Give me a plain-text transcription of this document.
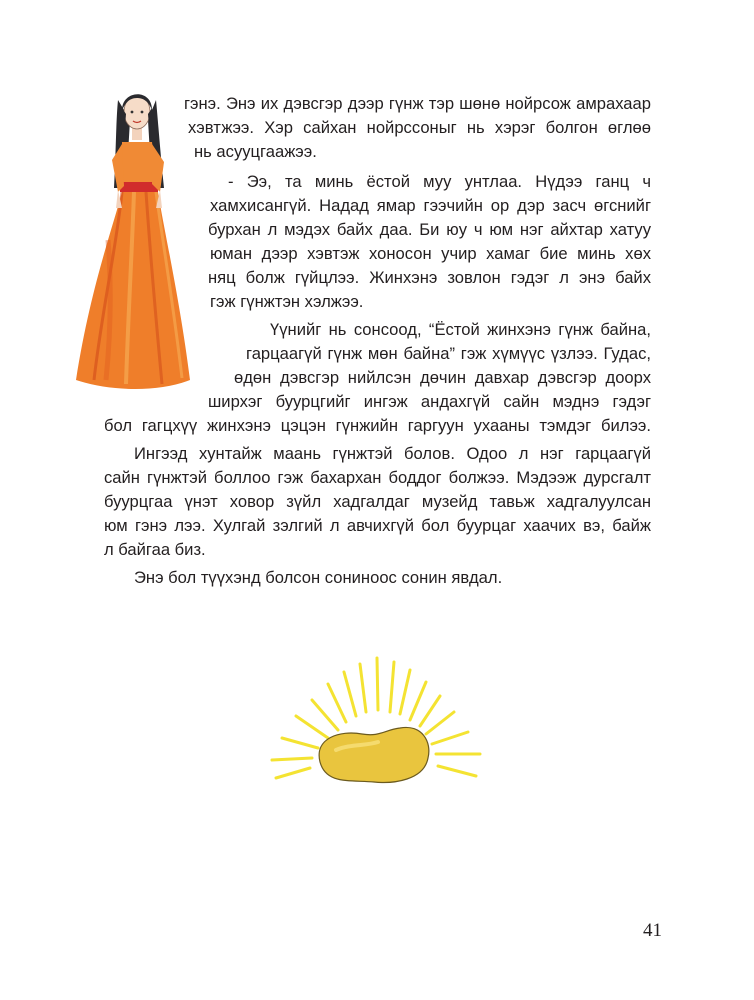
гэнэ. Энэ их дэвсгэр дээр гүнж тэр шөнө нойрсож амрахаар
хэвтжээ. Хэр сайхан нойрссоныг нь хэрэг болгон өглөө
нь асууцгаажээ.
- Ээ, та минь ёстой муу унтлаа. Нүдээ ганц ч
хамхисангүй. Надад ямар гээчийн ор дэр засч өгснийг
бурхан л мэдэх байх даа. Би юу ч юм нэг айхтар хатуу
юман дээр хэвтэж хоносон учир хамаг бие минь хөх
няц болж гүйцлээ. Жинхэнэ зовлон гэдэг л энэ байх
гэж гүнжтэн хэлжээ.
Үүнийг нь сонсоод, “Ёстой жинхэнэ гүнж байна,
гарцаагүй гүнж мөн байна” гэж хүмүүс үзлээ. Гудас,
өдөн дэвсгэр нийлсэн дөчин давхар дэвсгэр доорх
ширхэг буурцгийг ингэж андахгүй сайн мэднэ гэдэг
бол гагцхүү жинхэнэ цэцэн гүнжийн гаргуун ухааны тэмдэг билээ.
Ингээд хунтайж маань гүнжтэй болов. Одоо л нэг гарцаагүй
сайн гүнжтэй боллоо гэж бахархан боддог болжээ. Мэдээж дурсгалт
буурцгаа үнэт ховор зүйл хадгалдаг музейд тавьж хадгалуулсан
юм гэнэ лээ. Хулгай зэлгий л авчихгүй бол буурцаг хаачих вэ, байж
л байгаа биз.
Энэ бол түүхэнд болсон сониноос сонин явдал.
41
